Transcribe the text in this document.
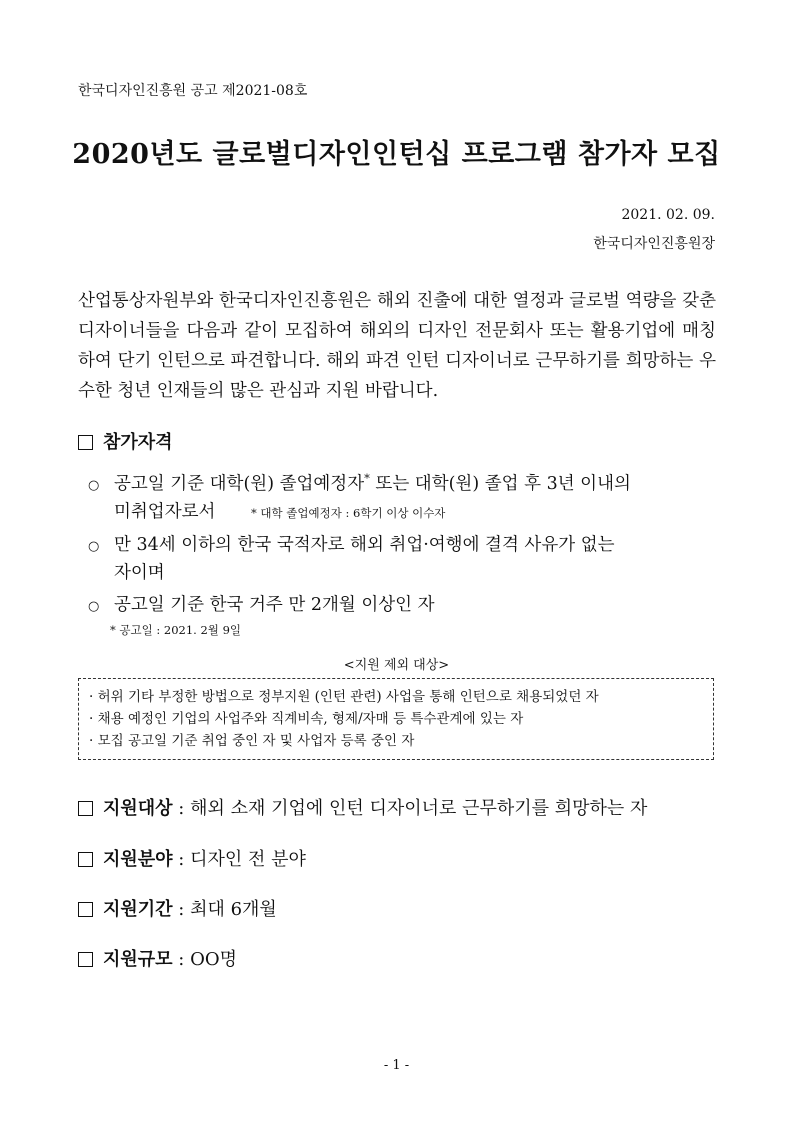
한국디자인진흥원 공고 제2021-08호
2020년도 글로벌디자인인턴십 프로그램 참가자 모집
2021. 02. 09.
한국디자인진흥원장
산업통상자원부와 한국디자인진흥원은 해외 진출에 대한 열정과 글로벌 역량을 갖춘 디자이너들을 다음과 같이 모집하여 해외의 디자인 전문회사 또는 활용기업에 매칭하여 단기 인턴으로 파견합니다. 해외 파견 인턴 디자이너로 근무하기를 희망하는 우수한 청년 인재들의 많은 관심과 지원 바랍니다.
참가자격
○ 공고일 기준 대학(원) 졸업예정자* 또는 대학(원) 졸업 후 3년 이내의
미취업자로서	* 대학 졸업예정자 : 6학기 이상 이수자
○ 만 34세 이하의 한국 국적자로 해외 취업·여행에 결격 사유가 없는
자이며
○ 공고일 기준 한국 거주 만 2개월 이상인 자
* 공고일 : 2021. 2월 9일
<지원 제외 대상>
· 허위 기타 부정한 방법으로 정부지원 (인턴 관련) 사업을 통해 인턴으로 채용되었던 자
· 채용 예정인 기업의 사업주와 직계비속, 형제/자매 등 특수관계에 있는 자
· 모집 공고일 기준 취업 중인 자 및 사업자 등록 중인 자
지원대상 : 해외 소재 기업에 인턴 디자이너로 근무하기를 희망하는 자
지원분야 : 디자인 전 분야
지원기간 : 최대 6개월
지원규모 : OO명
- 1 -
